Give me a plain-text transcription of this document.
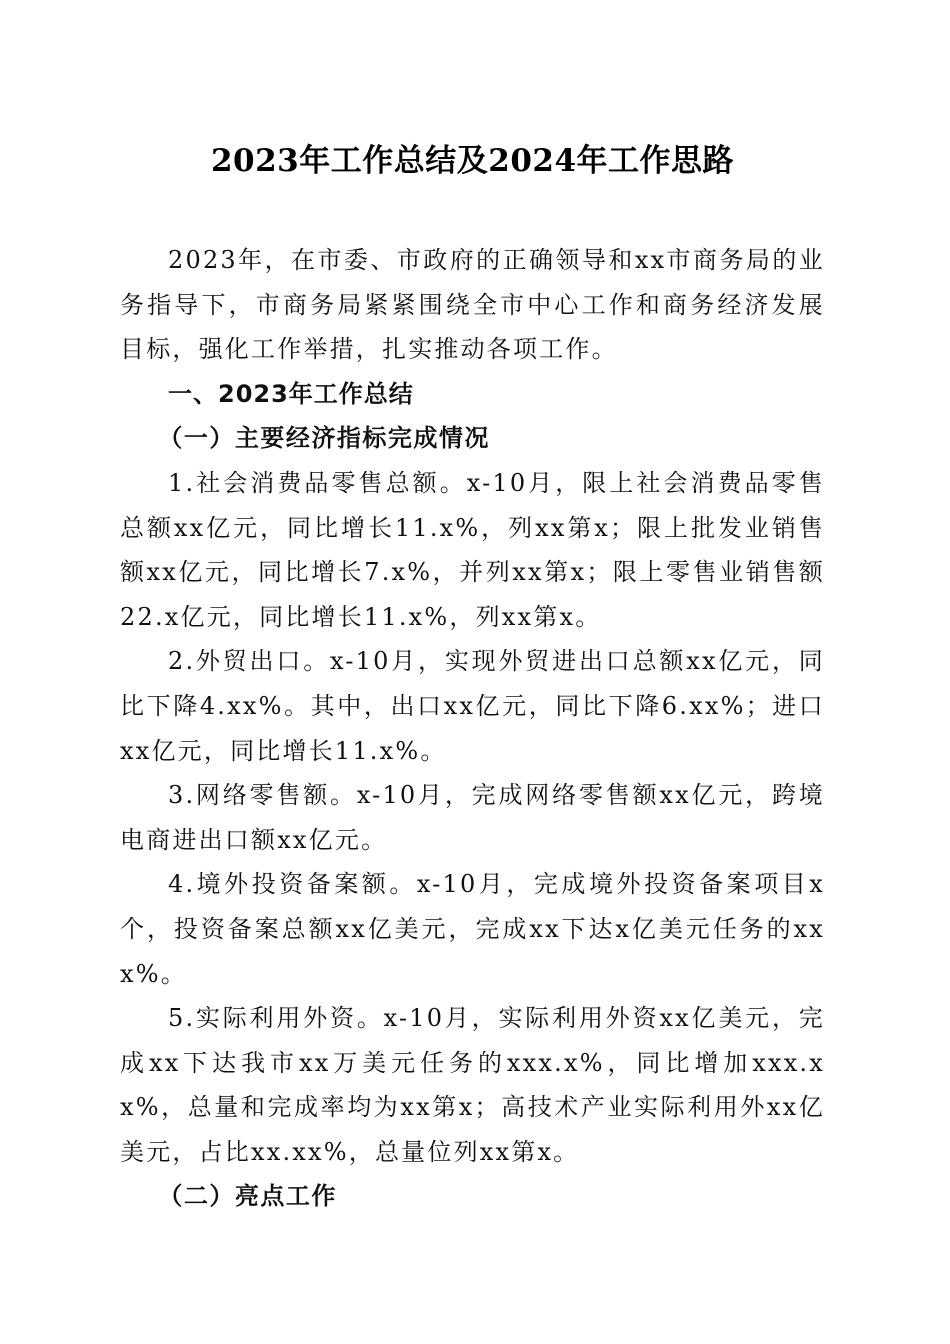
2023年工作总结及2024年工作思路

2023年，在市委、市政府的正确领导和xx市商务局的业务指导下，市商务局紧紧围绕全市中心工作和商务经济发展目标，强化工作举措，扎实推动各项工作。

一、2023年工作总结

（一）主要经济指标完成情况

1.社会消费品零售总额。x-10月，限上社会消费品零售总额xx亿元，同比增长11.x%，列xx第x；限上批发业销售额xx亿元，同比增长7.x%，并列xx第x；限上零售业销售额22.x亿元，同比增长11.x%，列xx第x。

2.外贸出口。x-10月，实现外贸进出口总额xx亿元，同比下降4.xx%。其中，出口xx亿元，同比下降6.xx%；进口xx亿元，同比增长11.x%。

3.网络零售额。x-10月，完成网络零售额xx亿元，跨境电商进出口额xx亿元。

4.境外投资备案额。x-10月，完成境外投资备案项目x个，投资备案总额xx亿美元，完成xx下达x亿美元任务的xxx%。

5.实际利用外资。x-10月，实际利用外资xx亿美元，完成xx下达我市xx万美元任务的xxx.x%，同比增加xxx.xx%，总量和完成率均为xx第x；高技术产业实际利用外xx亿美元，占比xx.xx%，总量位列xx第x。

（二）亮点工作
